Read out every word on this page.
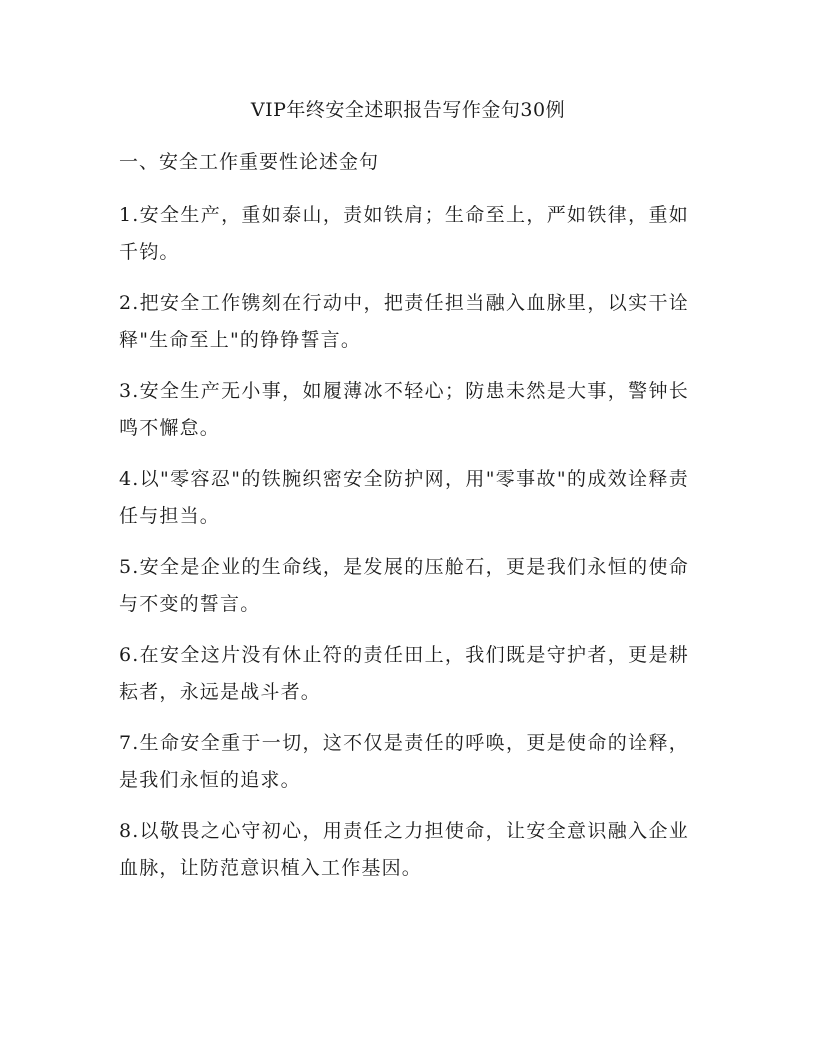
VIP年终安全述职报告写作金句30例
一、安全工作重要性论述金句

1.安全生产，重如泰山，责如铁肩；生命至上，严如铁律，重如千钧。

2.把安全工作镌刻在行动中，把责任担当融入血脉里，以实干诠释"生命至上"的铮铮誓言。

3.安全生产无小事，如履薄冰不轻心；防患未然是大事，警钟长鸣不懈怠。

4.以"零容忍"的铁腕织密安全防护网，用"零事故"的成效诠释责任与担当。

5.安全是企业的生命线，是发展的压舱石，更是我们永恒的使命与不变的誓言。

6.在安全这片没有休止符的责任田上，我们既是守护者，更是耕耘者，永远是战斗者。

7.生命安全重于一切，这不仅是责任的呼唤，更是使命的诠释，是我们永恒的追求。

8.以敬畏之心守初心，用责任之力担使命，让安全意识融入企业血脉，让防范意识植入工作基因。
